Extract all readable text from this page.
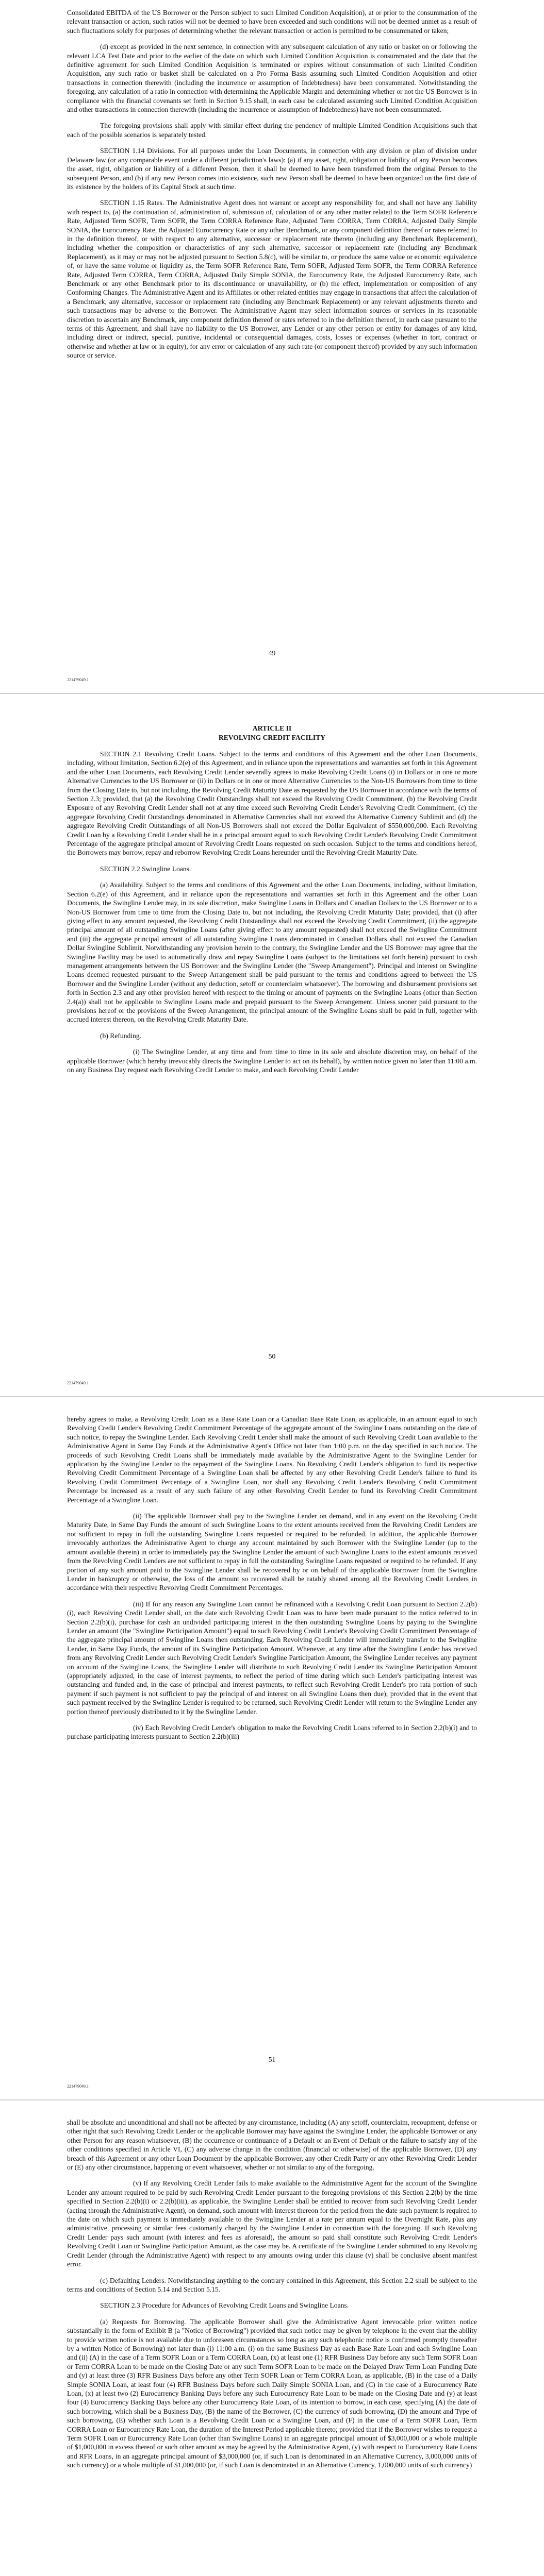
Consolidated EBITDA of the US Borrower or the Person subject to such Limited Condition Acquisition), at or prior to the consummation of the relevant transaction or action, such ratios will not be deemed to have been exceeded and such conditions will not be deemed unmet as a result of such fluctuations solely for purposes of determining whether the relevant transaction or action is permitted to be consummated or taken;

(d) except as provided in the next sentence, in connection with any subsequent calculation of any ratio or basket on or following the relevant LCA Test Date and prior to the earlier of the date on which such Limited Condition Acquisition is consummated and the date that the definitive agreement for such Limited Condition Acquisition is terminated or expires without consummation of such Limited Condition Acquisition, any such ratio or basket shall be calculated on a Pro Forma Basis assuming such Limited Condition Acquisition and other transactions in connection therewith (including the incurrence or assumption of Indebtedness) have been consummated. Notwithstanding the foregoing, any calculation of a ratio in connection with determining the Applicable Margin and determining whether or not the US Borrower is in compliance with the financial covenants set forth in Section 9.15 shall, in each case be calculated assuming such Limited Condition Acquisition and other transactions in connection therewith (including the incurrence or assumption of Indebtedness) have not been consummated.

The foregoing provisions shall apply with similar effect during the pendency of multiple Limited Condition Acquisitions such that each of the possible scenarios is separately tested.

SECTION 1.14 Divisions. For all purposes under the Loan Documents, in connection with any division or plan of division under Delaware law (or any comparable event under a different jurisdiction's laws): (a) if any asset, right, obligation or liability of any Person becomes the asset, right, obligation or liability of a different Person, then it shall be deemed to have been transferred from the original Person to the subsequent Person, and (b) if any new Person comes into existence, such new Person shall be deemed to have been organized on the first date of its existence by the holders of its Capital Stock at such time.

SECTION 1.15 Rates. The Administrative Agent does not warrant or accept any responsibility for, and shall not have any liability with respect to, (a) the continuation of, administration of, submission of, calculation of or any other matter related to the Term SOFR Reference Rate, Adjusted Term SOFR, Term SOFR, the Term CORRA Reference Rate, Adjusted Term CORRA, Term CORRA, Adjusted Daily Simple SONIA, the Eurocurrency Rate, the Adjusted Eurocurrency Rate or any other Benchmark, or any component definition thereof or rates referred to in the definition thereof, or with respect to any alternative, successor or replacement rate thereto (including any Benchmark Replacement), including whether the composition or characteristics of any such alternative, successor or replacement rate (including any Benchmark Replacement), as it may or may not be adjusted pursuant to Section 5.8(c), will be similar to, or produce the same value or economic equivalence of, or have the same volume or liquidity as, the Term SOFR Reference Rate, Term SOFR, Adjusted Term SOFR, the Term CORRA Reference Rate, Adjusted Term CORRA, Term CORRA, Adjusted Daily Simple SONIA, the Eurocurrency Rate, the Adjusted Eurocurrency Rate, such Benchmark or any other Benchmark prior to its discontinuance or unavailability, or (b) the effect, implementation or composition of any Conforming Changes. The Administrative Agent and its Affiliates or other related entities may engage in transactions that affect the calculation of a Benchmark, any alternative, successor or replacement rate (including any Benchmark Replacement) or any relevant adjustments thereto and such transactions may be adverse to the Borrower. The Administrative Agent may select information sources or services in its reasonable discretion to ascertain any Benchmark, any component definition thereof or rates referred to in the definition thereof, in each case pursuant to the terms of this Agreement, and shall have no liability to the US Borrower, any Lender or any other person or entity for damages of any kind, including direct or indirect, special, punitive, incidental or consequential damages, costs, losses or expenses (whether in tort, contract or otherwise and whether at law or in equity), for any error or calculation of any such rate (or component thereof) provided by any such information source or service.

49
221479049.1
ARTICLE II
REVOLVING CREDIT FACILITY

SECTION 2.1 Revolving Credit Loans. Subject to the terms and conditions of this Agreement and the other Loan Documents, including, without limitation, Section 6.2(e) of this Agreement, and in reliance upon the representations and warranties set forth in this Agreement and the other Loan Documents, each Revolving Credit Lender severally agrees to make Revolving Credit Loans (i) in Dollars or in one or more Alternative Currencies to the US Borrower or (ii) in Dollars or in one or more Alternative Currencies to the Non-US Borrowers from time to time from the Closing Date to, but not including, the Revolving Credit Maturity Date as requested by the US Borrower in accordance with the terms of Section 2.3; provided, that (a) the Revolving Credit Outstandings shall not exceed the Revolving Credit Commitment, (b) the Revolving Credit Exposure of any Revolving Credit Lender shall not at any time exceed such Revolving Credit Lender's Revolving Credit Commitment, (c) the aggregate Revolving Credit Outstandings denominated in Alternative Currencies shall not exceed the Alternative Currency Sublimit and (d) the aggregate Revolving Credit Outstandings of all Non-US Borrowers shall not exceed the Dollar Equivalent of $550,000,000. Each Revolving Credit Loan by a Revolving Credit Lender shall be in a principal amount equal to such Revolving Credit Lender's Revolving Credit Commitment Percentage of the aggregate principal amount of Revolving Credit Loans requested on such occasion. Subject to the terms and conditions hereof, the Borrowers may borrow, repay and reborrow Revolving Credit Loans hereunder until the Revolving Credit Maturity Date.

SECTION 2.2 Swingline Loans.

(a) Availability. Subject to the terms and conditions of this Agreement and the other Loan Documents, including, without limitation, Section 6.2(e) of this Agreement, and in reliance upon the representations and warranties set forth in this Agreement and the other Loan Documents, the Swingline Lender may, in its sole discretion, make Swingline Loans in Dollars and Canadian Dollars to the US Borrower or to a Non-US Borrower from time to time from the Closing Date to, but not including, the Revolving Credit Maturity Date; provided, that (i) after giving effect to any amount requested, the Revolving Credit Outstandings shall not exceed the Revolving Credit Commitment, (ii) the aggregate principal amount of all outstanding Swingline Loans (after giving effect to any amount requested) shall not exceed the Swingline Commitment and (iii) the aggregate principal amount of all outstanding Swingline Loans denominated in Canadian Dollars shall not exceed the Canadian Dollar Swingline Sublimit. Notwithstanding any provision herein to the contrary, the Swingline Lender and the US Borrower may agree that the Swingline Facility may be used to automatically draw and repay Swingline Loans (subject to the limitations set forth herein) pursuant to cash management arrangements between the US Borrower and the Swingline Lender (the "Sweep Arrangement"). Principal and interest on Swingline Loans deemed requested pursuant to the Sweep Arrangement shall be paid pursuant to the terms and conditions agreed to between the US Borrower and the Swingline Lender (without any deduction, setoff or counterclaim whatsoever). The borrowing and disbursement provisions set forth in Section 2.3 and any other provision hereof with respect to the timing or amount of payments on the Swingline Loans (other than Section 2.4(a)) shall not be applicable to Swingline Loans made and prepaid pursuant to the Sweep Arrangement. Unless sooner paid pursuant to the provisions hereof or the provisions of the Sweep Arrangement, the principal amount of the Swingline Loans shall be paid in full, together with accrued interest thereon, on the Revolving Credit Maturity Date.

(b) Refunding.

(i) The Swingline Lender, at any time and from time to time in its sole and absolute discretion may, on behalf of the applicable Borrower (which hereby irrevocably directs the Swingline Lender to act on its behalf), by written notice given no later than 11:00 a.m. on any Business Day request each Revolving Credit Lender to make, and each Revolving Credit Lender

50
221479049.1

hereby agrees to make, a Revolving Credit Loan as a Base Rate Loan or a Canadian Base Rate Loan, as applicable, in an amount equal to such Revolving Credit Lender's Revolving Credit Commitment Percentage of the aggregate amount of the Swingline Loans outstanding on the date of such notice, to repay the Swingline Lender. Each Revolving Credit Lender shall make the amount of such Revolving Credit Loan available to the Administrative Agent in Same Day Funds at the Administrative Agent's Office not later than 1:00 p.m. on the day specified in such notice. The proceeds of such Revolving Credit Loans shall be immediately made available by the Administrative Agent to the Swingline Lender for application by the Swingline Lender to the repayment of the Swingline Loans. No Revolving Credit Lender's obligation to fund its respective Revolving Credit Commitment Percentage of a Swingline Loan shall be affected by any other Revolving Credit Lender's failure to fund its Revolving Credit Commitment Percentage of a Swingline Loan, nor shall any Revolving Credit Lender's Revolving Credit Commitment Percentage be increased as a result of any such failure of any other Revolving Credit Lender to fund its Revolving Credit Commitment Percentage of a Swingline Loan.

(ii) The applicable Borrower shall pay to the Swingline Lender on demand, and in any event on the Revolving Credit Maturity Date, in Same Day Funds the amount of such Swingline Loans to the extent amounts received from the Revolving Credit Lenders are not sufficient to repay in full the outstanding Swingline Loans requested or required to be refunded. In addition, the applicable Borrower irrevocably authorizes the Administrative Agent to charge any account maintained by such Borrower with the Swingline Lender (up to the amount available therein) in order to immediately pay the Swingline Lender the amount of such Swingline Loans to the extent amounts received from the Revolving Credit Lenders are not sufficient to repay in full the outstanding Swingline Loans requested or required to be refunded. If any portion of any such amount paid to the Swingline Lender shall be recovered by or on behalf of the applicable Borrower from the Swingline Lender in bankruptcy or otherwise, the loss of the amount so recovered shall be ratably shared among all the Revolving Credit Lenders in accordance with their respective Revolving Credit Commitment Percentages.

(iii) If for any reason any Swingline Loan cannot be refinanced with a Revolving Credit Loan pursuant to Section 2.2(b)(i), each Revolving Credit Lender shall, on the date such Revolving Credit Loan was to have been made pursuant to the notice referred to in Section 2.2(b)(i), purchase for cash an undivided participating interest in the then outstanding Swingline Loans by paying to the Swingline Lender an amount (the "Swingline Participation Amount") equal to such Revolving Credit Lender's Revolving Credit Commitment Percentage of the aggregate principal amount of Swingline Loans then outstanding. Each Revolving Credit Lender will immediately transfer to the Swingline Lender, in Same Day Funds, the amount of its Swingline Participation Amount. Whenever, at any time after the Swingline Lender has received from any Revolving Credit Lender such Revolving Credit Lender's Swingline Participation Amount, the Swingline Lender receives any payment on account of the Swingline Loans, the Swingline Lender will distribute to such Revolving Credit Lender its Swingline Participation Amount (appropriately adjusted, in the case of interest payments, to reflect the period of time during which such Lender's participating interest was outstanding and funded and, in the case of principal and interest payments, to reflect such Revolving Credit Lender's pro rata portion of such payment if such payment is not sufficient to pay the principal of and interest on all Swingline Loans then due); provided that in the event that such payment received by the Swingline Lender is required to be returned, such Revolving Credit Lender will return to the Swingline Lender any portion thereof previously distributed to it by the Swingline Lender.

(iv) Each Revolving Credit Lender's obligation to make the Revolving Credit Loans referred to in Section 2.2(b)(i) and to purchase participating interests pursuant to Section 2.2(b)(iii)

51
221479049.1

shall be absolute and unconditional and shall not be affected by any circumstance, including (A) any setoff, counterclaim, recoupment, defense or other right that such Revolving Credit Lender or the applicable Borrower may have against the Swingline Lender, the applicable Borrower or any other Person for any reason whatsoever, (B) the occurrence or continuance of a Default or an Event of Default or the failure to satisfy any of the other conditions specified in Article VI, (C) any adverse change in the condition (financial or otherwise) of the applicable Borrower, (D) any breach of this Agreement or any other Loan Document by the applicable Borrower, any other Credit Party or any other Revolving Credit Lender or (E) any other circumstance, happening or event whatsoever, whether or not similar to any of the foregoing.

(v) If any Revolving Credit Lender fails to make available to the Administrative Agent for the account of the Swingline Lender any amount required to be paid by such Revolving Credit Lender pursuant to the foregoing provisions of this Section 2.2(b) by the time specified in Section 2.2(b)(i) or 2.2(b)(iii), as applicable, the Swingline Lender shall be entitled to recover from such Revolving Credit Lender (acting through the Administrative Agent), on demand, such amount with interest thereon for the period from the date such payment is required to the date on which such payment is immediately available to the Swingline Lender at a rate per annum equal to the Overnight Rate, plus any administrative, processing or similar fees customarily charged by the Swingline Lender in connection with the foregoing. If such Revolving Credit Lender pays such amount (with interest and fees as aforesaid), the amount so paid shall constitute such Revolving Credit Lender's Revolving Credit Loan or Swingline Participation Amount, as the case may be. A certificate of the Swingline Lender submitted to any Revolving Credit Lender (through the Administrative Agent) with respect to any amounts owing under this clause (v) shall be conclusive absent manifest error.

(c) Defaulting Lenders. Notwithstanding anything to the contrary contained in this Agreement, this Section 2.2 shall be subject to the terms and conditions of Section 5.14 and Section 5.15.

SECTION 2.3 Procedure for Advances of Revolving Credit Loans and Swingline Loans.

(a) Requests for Borrowing. The applicable Borrower shall give the Administrative Agent irrevocable prior written notice substantially in the form of Exhibit B (a "Notice of Borrowing") provided that such notice may be given by telephone in the event that the ability to provide written notice is not available due to unforeseen circumstances so long as any such telephonic notice is confirmed promptly thereafter by a written Notice of Borrowing) not later than (i) 11:00 a.m. (i) on the same Business Day as each Base Rate Loan and each Swingline Loan and (ii) (A) in the case of a Term SOFR Loan or a Term CORRA Loan, (x) at least one (1) RFR Business Day before any such Term SOFR Loan or Term CORRA Loan to be made on the Closing Date or any such Term SOFR Loan to be made on the Delayed Draw Term Loan Funding Date and (y) at least three (3) RFR Business Days before any other Term SOFR Loan or Term CORRA Loan, as applicable, (B) in the case of a Daily Simple SONIA Loan, at least four (4) RFR Business Days before such Daily Simple SONIA Loan, and (C) in the case of a Eurocurrency Rate Loan, (x) at least two (2) Eurocurrency Banking Days before any such Eurocurrency Rate Loan to be made on the Closing Date and (y) at least four (4) Eurocurrency Banking Days before any other Eurocurrency Rate Loan, of its intention to borrow, in each case, specifying (A) the date of such borrowing, which shall be a Business Day, (B) the name of the Borrower, (C) the currency of such borrowing, (D) the amount and Type of such borrowing, (E) whether such Loan is a Revolving Credit Loan or a Swingline Loan, and (F) in the case of a Term SOFR Loan, Term CORRA Loan or Eurocurrency Rate Loan, the duration of the Interest Period applicable thereto; provided that if the Borrower wishes to request a Term SOFR Loan or Eurocurrency Rate Loan (other than Swingline Loans) in an aggregate principal amount of $3,000,000 or a whole multiple of $1,000,000 in excess thereof or such other amount as may be agreed by the Administrative Agent, (y) with respect to Eurocurrency Rate Loans and RFR Loans, in an aggregate principal amount of $3,000,000 (or, if such Loan is denominated in an Alternative Currency, 3,000,000 units of such currency) or a whole multiple of $1,000,000 (or, if such Loan is denominated in an Alternative Currency, 1,000,000 units of such currency)
